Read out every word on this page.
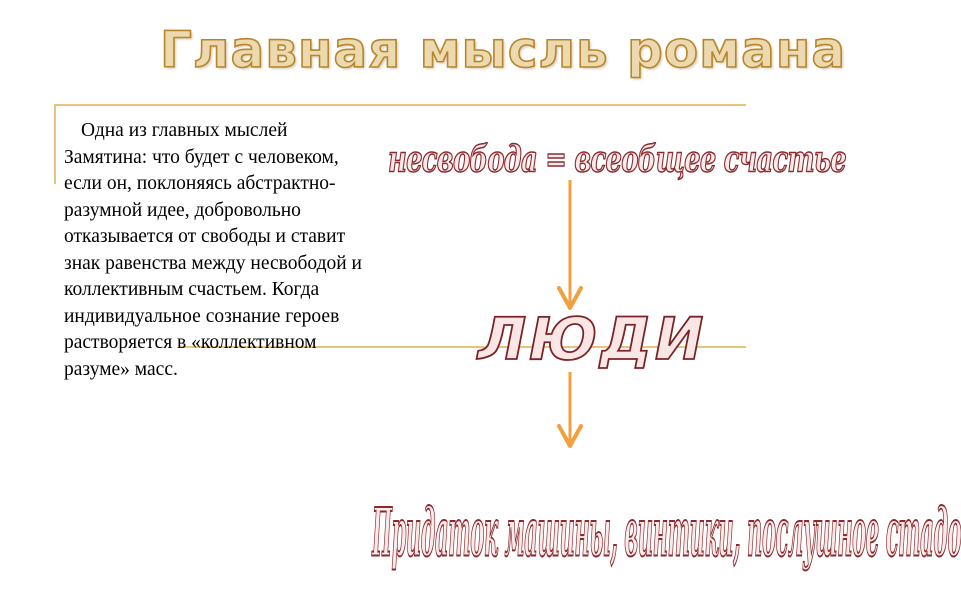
Главная мысль романа

Одна из главных мыслей Замятина: что будет с человеком, если он, поклоняясь абстрактно-разумной идее, добровольно отказывается от свободы и ставит знак равенства между несвободой и коллективным счастьем. Когда индивидуальное сознание героев растворяется в «коллективном разуме» масс.

несвобода = всеобщее счастье
ЛЮДИ
Придаток машины, винтики, послушное стадо
